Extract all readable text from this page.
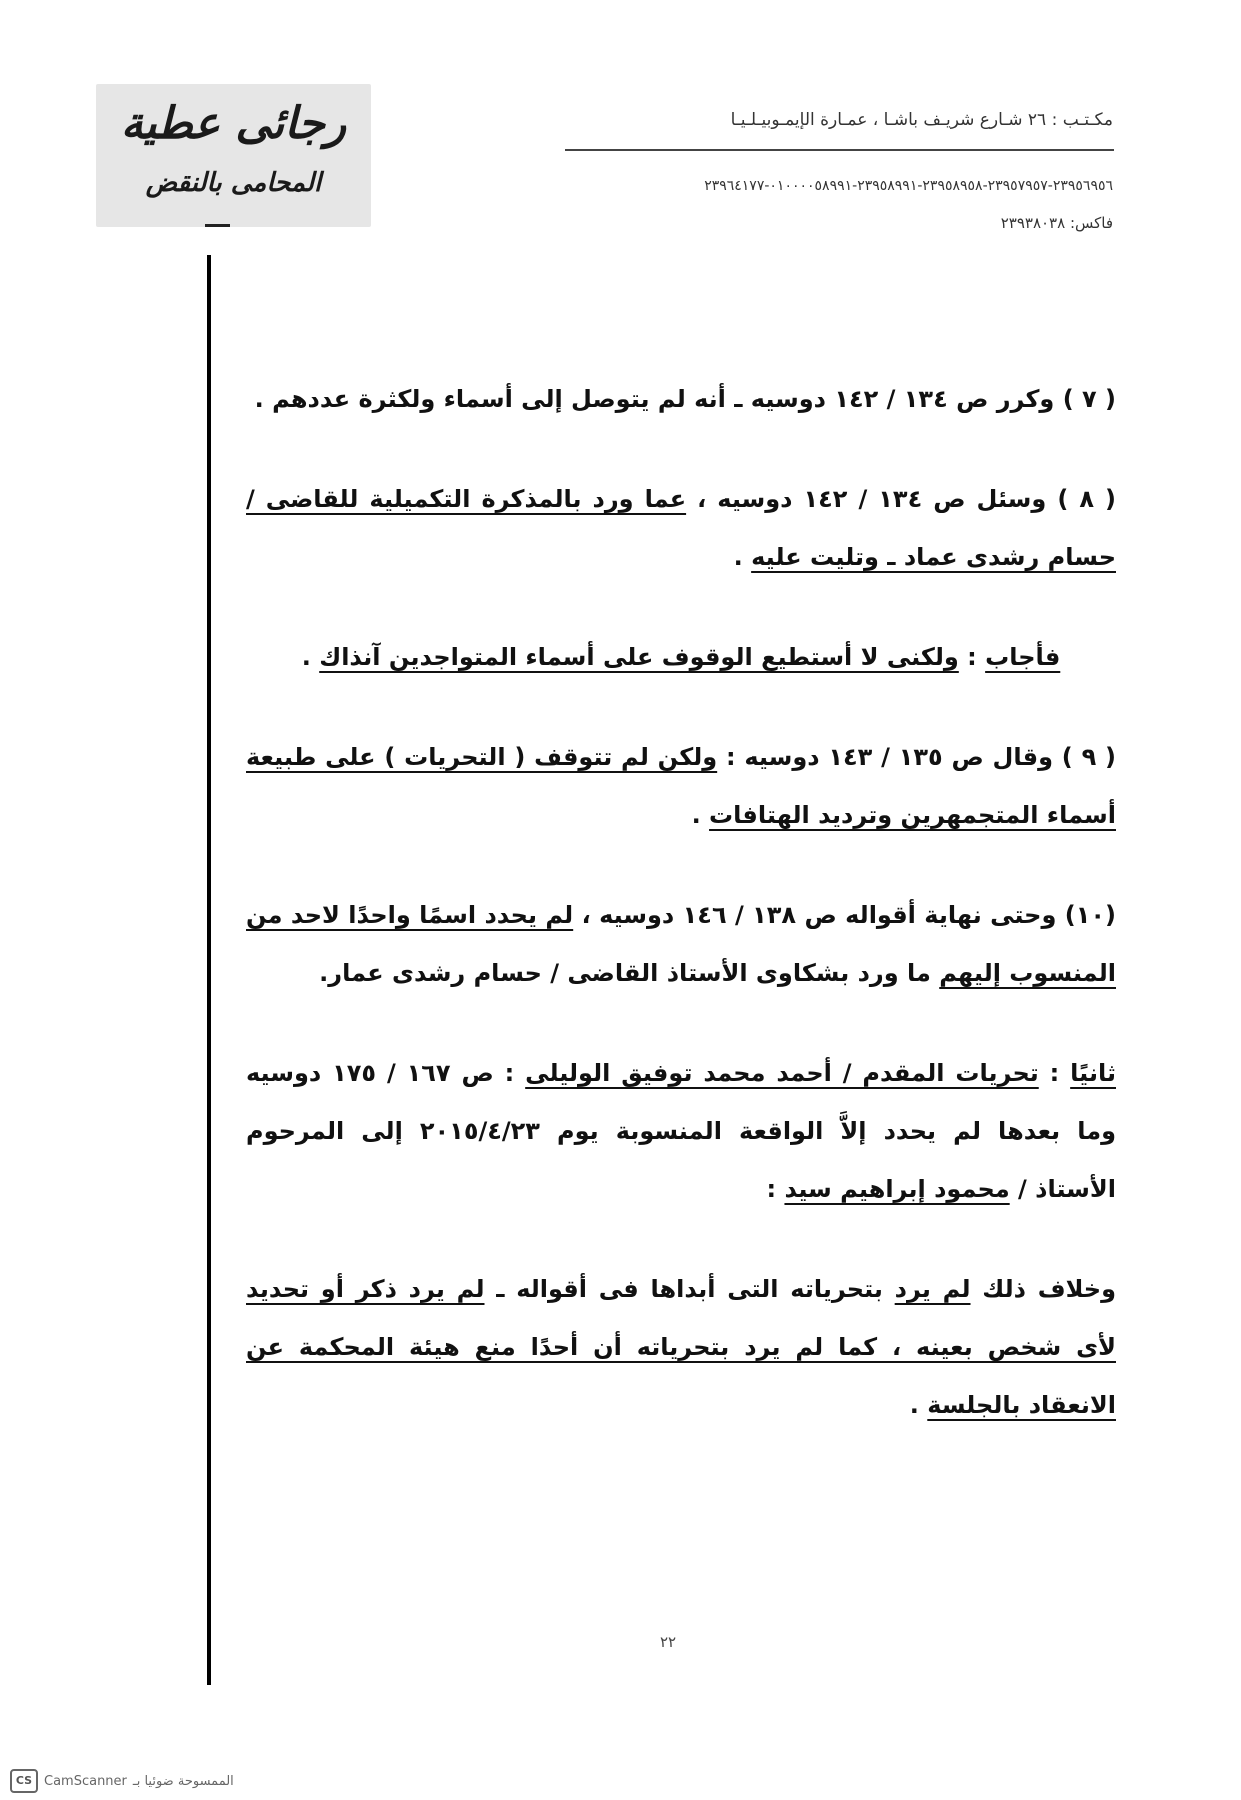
رجائى عطية
المحامى بالنقض
مكـتـب : ٢٦ شـارع شريـف باشـا ، عمـارة الإيمـوبيـلـيـا
٢٣٩٥٦٩٥٦-٢٣٩٥٧٩٥٧-٢٣٩٥٨٩٥٨-٢٣٩٥٨٩٩١-٠١٠٠٠٠٥٨٩٩١-٢٣٩٦٤١٧٧
فاكس: ٢٣٩٣٨٠٣٨

( ٧ ) وكرر ص ١٣٤ / ١٤٢ دوسيه ـ أنه لم يتوصل إلى أسماء ولكثرة عددهم .

( ٨ ) وسئل ص ١٣٤ / ١٤٢ دوسيه ، عما ورد بالمذكرة التكميلية للقاضى / حسام رشدى عماد ـ وتليت عليه .

فأجاب : ولكنى لا أستطيع الوقوف على أسماء المتواجدين آنذاك .

( ٩ ) وقال ص ١٣٥ / ١٤٣ دوسيه : ولكن لم تتوقف ( التحريات ) على طبيعة أسماء المتجمهرين وترديد الهتافات .

(١٠) وحتى نهاية أقواله ص ١٣٨ / ١٤٦ دوسيه ، لم يحدد اسمًا واحدًا لاحد من المنسوب إليهم ما ورد بشكاوى الأستاذ القاضى / حسام رشدى عمار.

ثانيًا : تحريات المقدم / أحمد محمد توفيق الوليلى : ص ١٦٧ / ١٧٥ دوسيه وما بعدها لم يحدد إلاَّ الواقعة المنسوبة يوم ٢٠١٥/٤/٢٣ إلى المرحوم الأستاذ / محمود إبراهيم سيد :

وخلاف ذلك لم يرد بتحرياته التى أبداها فى أقواله ـ لم يرد ذكر أو تحديد لأى شخص بعينه ، كما لم يرد بتحرياته أن أحدًا منع هيئة المحكمة عن الانعقاد بالجلسة .

٢٢
CS CamScanner الممسوحة ضوئيا بـ
